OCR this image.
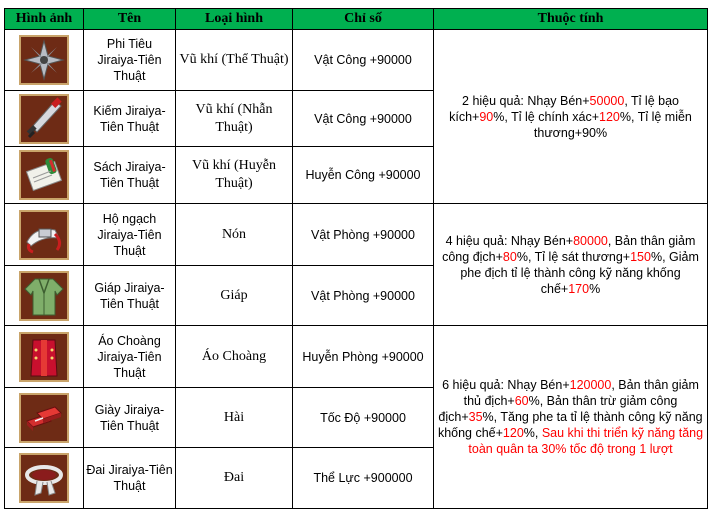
Hình ảnh	Tên	Loại hình	Chỉ số	Thuộc tính

	Phi Tiêu Jiraiya-Tiên Thuật	Vũ khí (Thể Thuật)	Vật Công +90000	2 hiệu quả: Nhạy Bén+50000, Tỉ lệ bạo kích+90%, Tỉ lệ chính xác+120%, Tỉ lệ miễn thương+90%

	Kiếm Jiraiya-Tiên Thuật	Vũ khí (Nhẫn Thuật)	Vật Công +90000	

	Sách Jiraiya-Tiên Thuật	Vũ khí (Huyễn Thuật)	Huyễn Công +90000	

	Hộ ngạch Jiraiya-Tiên Thuật	Nón	Vật Phòng +90000	4 hiệu quả: Nhạy Bén+80000, Bản thân giảm công địch+80%, Tỉ lệ sát thương+150%, Giảm phe địch tỉ lệ thành công kỹ năng khống chế+170%

	Giáp Jiraiya-Tiên Thuật	Giáp	Vật Phòng +90000	

	Áo Choàng Jiraiya-Tiên Thuật	Áo Choàng	Huyễn Phòng +90000	6 hiệu quả: Nhạy Bén+120000, Bản thân giảm thủ địch+60%, Bản thân trừ giảm công địch+35%, Tăng phe ta tỉ lệ thành công kỹ năng khống chế+120%, Sau khi thi triển kỹ năng tăng toàn quân ta 30% tốc độ trong 1 lượt

	Giày Jiraiya-Tiên Thuật	Hài	Tốc Độ +90000	

	Đai Jiraiya-Tiên Thuật	Đai	Thể Lực +900000	
